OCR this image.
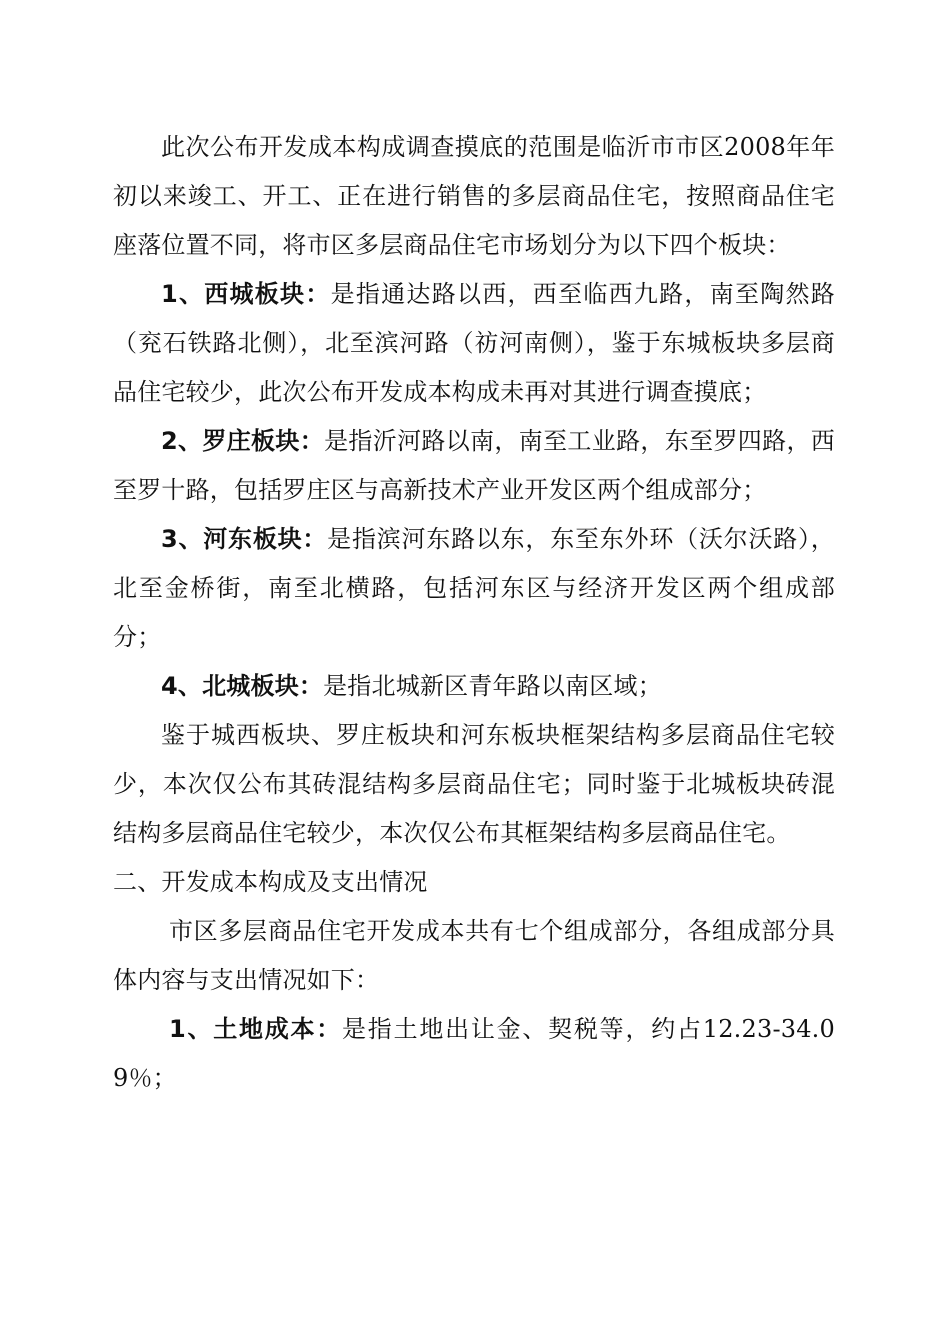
此次公布开发成本构成调查摸底的范围是临沂市市区2008年年初以来竣工、开工、正在进行销售的多层商品住宅，按照商品住宅座落位置不同，将市区多层商品住宅市场划分为以下四个板块：

1、西城板块：是指通达路以西，西至临西九路，南至陶然路（兖石铁路北侧），北至滨河路（祊河南侧），鉴于东城板块多层商品住宅较少，此次公布开发成本构成未再对其进行调查摸底；

2、罗庄板块：是指沂河路以南，南至工业路，东至罗四路，西至罗十路，包括罗庄区与高新技术产业开发区两个组成部分；

3、河东板块：是指滨河东路以东，东至东外环（沃尔沃路），北至金桥街，南至北横路，包括河东区与经济开发区两个组成部分；

4、北城板块：是指北城新区青年路以南区域；

鉴于城西板块、罗庄板块和河东板块框架结构多层商品住宅较少，本次仅公布其砖混结构多层商品住宅；同时鉴于北城板块砖混结构多层商品住宅较少，本次仅公布其框架结构多层商品住宅。

二、开发成本构成及支出情况

市区多层商品住宅开发成本共有七个组成部分，各组成部分具体内容与支出情况如下：

1、土地成本：是指土地出让金、契税等，约占12.23-34.09％；
